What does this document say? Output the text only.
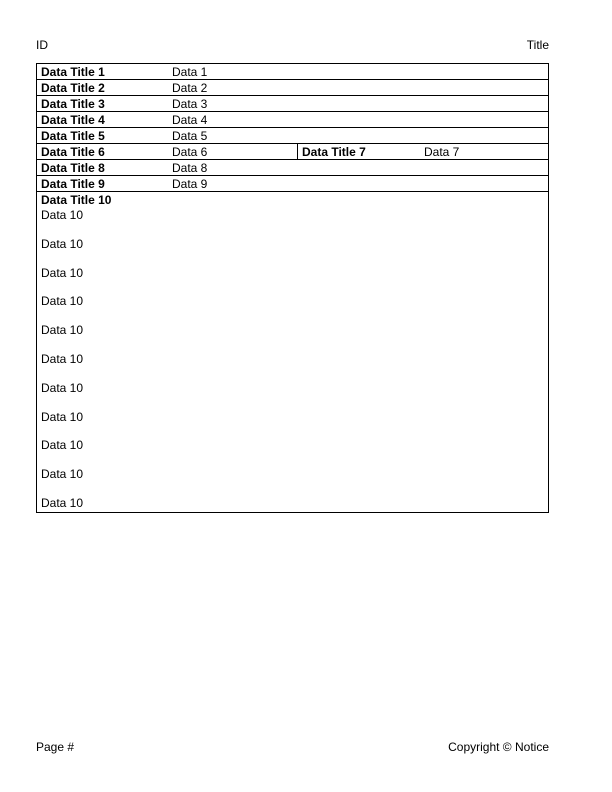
ID	Title
Data Title 1	Data 1
Data Title 2	Data 2
Data Title 3	Data 3
Data Title 4	Data 4
Data Title 5	Data 5
Data Title 6	Data 6	Data Title 7	Data 7
Data Title 8	Data 8
Data Title 9	Data 9
Data Title 10
Data 10
Data 10
Data 10
Data 10
Data 10
Data 10
Data 10
Data 10
Data 10
Data 10
Data 10
Page #	Copyright © Notice
